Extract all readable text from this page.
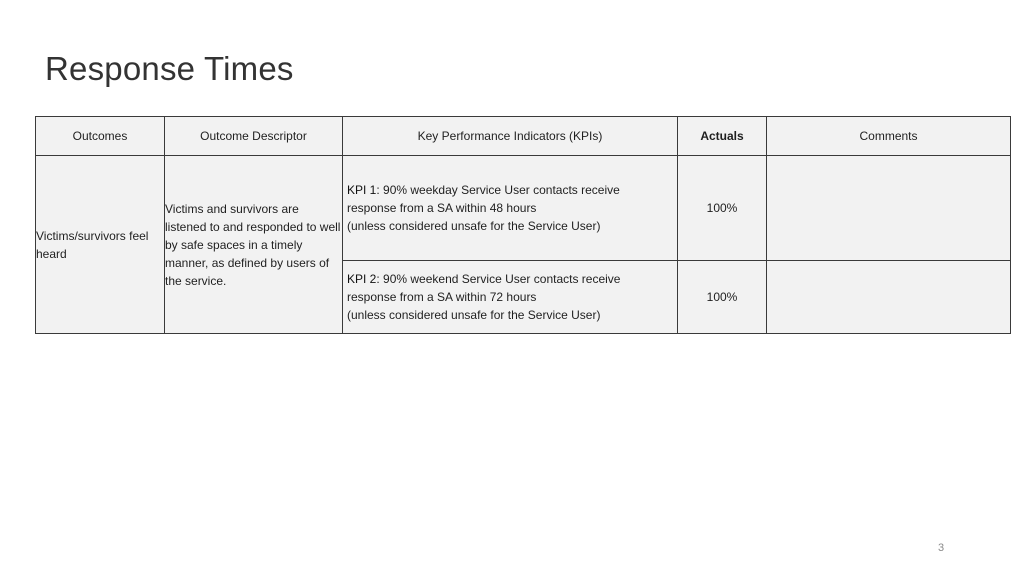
Response Times
Outcomes	Outcome Descriptor	Key Performance Indicators (KPIs)	Actuals	Comments
Victims/survivors feel heard	Victims and survivors are listened to and responded to well by safe spaces in a timely manner, as defined by users of the service.	KPI 1: 90% weekday Service User contacts receive
response from a SA within 48 hours
(unless considered unsafe for the Service User)	100%	

		KPI 2: 90% weekend Service User contacts receive
response from a SA within 72 hours
(unless considered unsafe for the Service User)	100%	
3
